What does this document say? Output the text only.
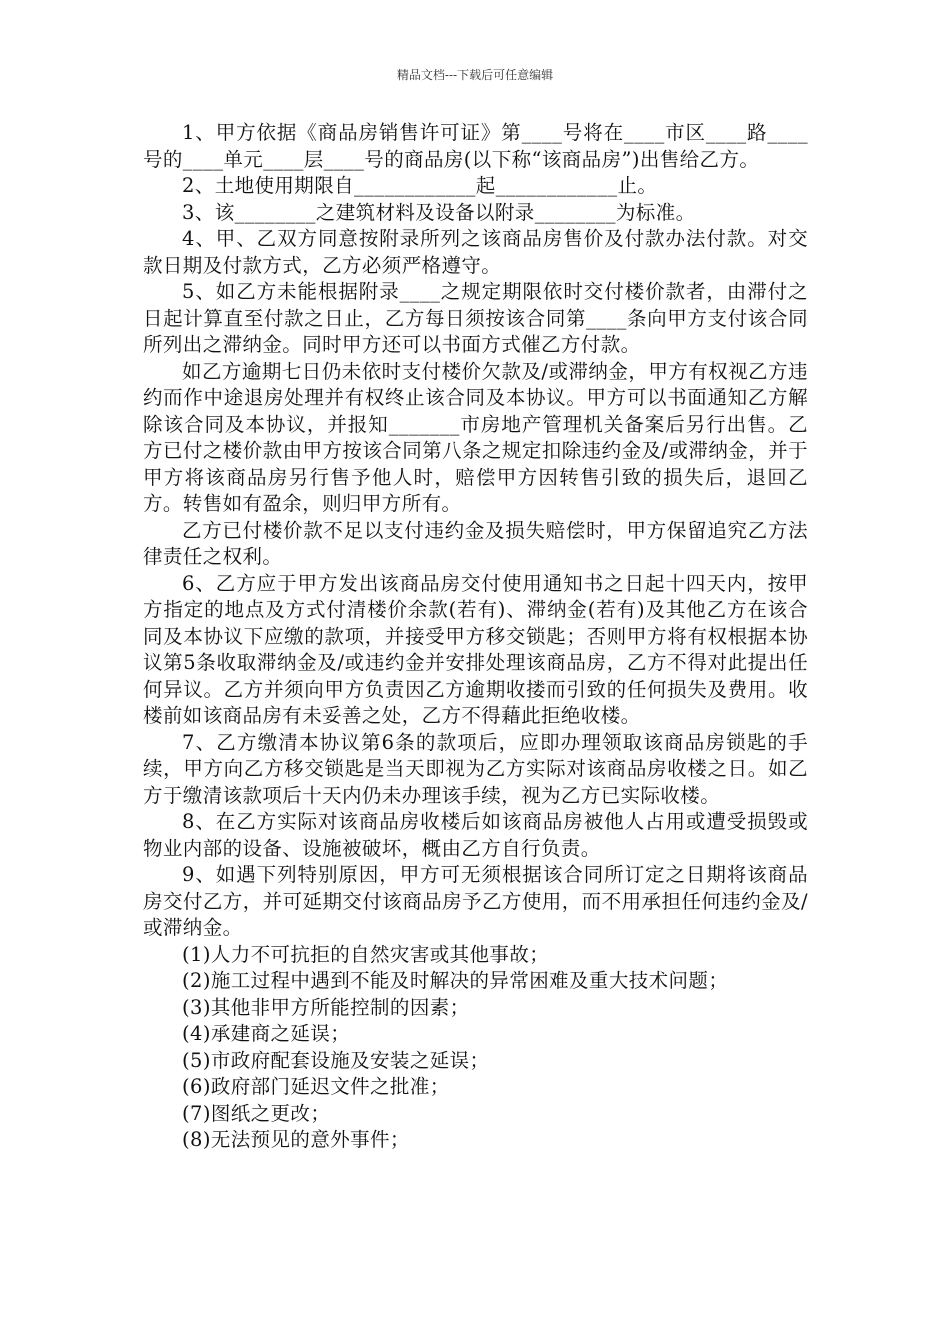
精品文档---下载后可任意编辑

1、甲方依据《商品房销售许可证》第____号将在____市区____路____号的____单元____层____号的商品房(以下称“该商品房”)出售给乙方。

2、土地使用期限自____________起____________止。

3、该________之建筑材料及设备以附录________为标准。

4、甲、乙双方同意按附录所列之该商品房售价及付款办法付款。对交款日期及付款方式，乙方必须严格遵守。

5、如乙方未能根据附录____之规定期限依时交付楼价款者，由滞付之日起计算直至付款之日止，乙方每日须按该合同第____条向甲方支付该合同所列出之滞纳金。同时甲方还可以书面方式催乙方付款。

如乙方逾期七日仍未依时支付楼价欠款及/或滞纳金，甲方有权视乙方违约而作中途退房处理并有权终止该合同及本协议。甲方可以书面通知乙方解除该合同及本协议，并报知_______市房地产管理机关备案后另行出售。乙方已付之楼价款由甲方按该合同第八条之规定扣除违约金及/或滞纳金，并于甲方将该商品房另行售予他人时，赔偿甲方因转售引致的损失后，退回乙方。转售如有盈余，则归甲方所有。

乙方已付楼价款不足以支付违约金及损失赔偿时，甲方保留追究乙方法律责任之权利。

6、乙方应于甲方发出该商品房交付使用通知书之日起十四天内，按甲方指定的地点及方式付清楼价余款(若有)、滞纳金(若有)及其他乙方在该合同及本协议下应缴的款项，并接受甲方移交锁匙；否则甲方将有权根据本协议第5条收取滞纳金及/或违约金并安排处理该商品房，乙方不得对此提出任何异议。乙方并须向甲方负责因乙方逾期收搂而引致的任何损失及费用。收楼前如该商品房有未妥善之处，乙方不得藉此拒绝收楼。

7、乙方缴清本协议第6条的款项后，应即办理领取该商品房锁匙的手续，甲方向乙方移交锁匙是当天即视为乙方实际对该商品房收楼之日。如乙方于缴清该款项后十天内仍未办理该手续，视为乙方已实际收楼。

8、在乙方实际对该商品房收楼后如该商品房被他人占用或遭受损毁或物业内部的设备、设施被破坏，概由乙方自行负责。

9、如遇下列特别原因，甲方可无须根据该合同所订定之日期将该商品房交付乙方，并可延期交付该商品房予乙方使用，而不用承担任何违约金及/或滞纳金。

(1)人力不可抗拒的自然灾害或其他事故；

(2)施工过程中遇到不能及时解决的异常困难及重大技术问题；

(3)其他非甲方所能控制的因素；

(4)承建商之延误；

(5)市政府配套设施及安装之延误；

(6)政府部门延迟文件之批准；

(7)图纸之更改；

(8)无法预见的意外事件；
